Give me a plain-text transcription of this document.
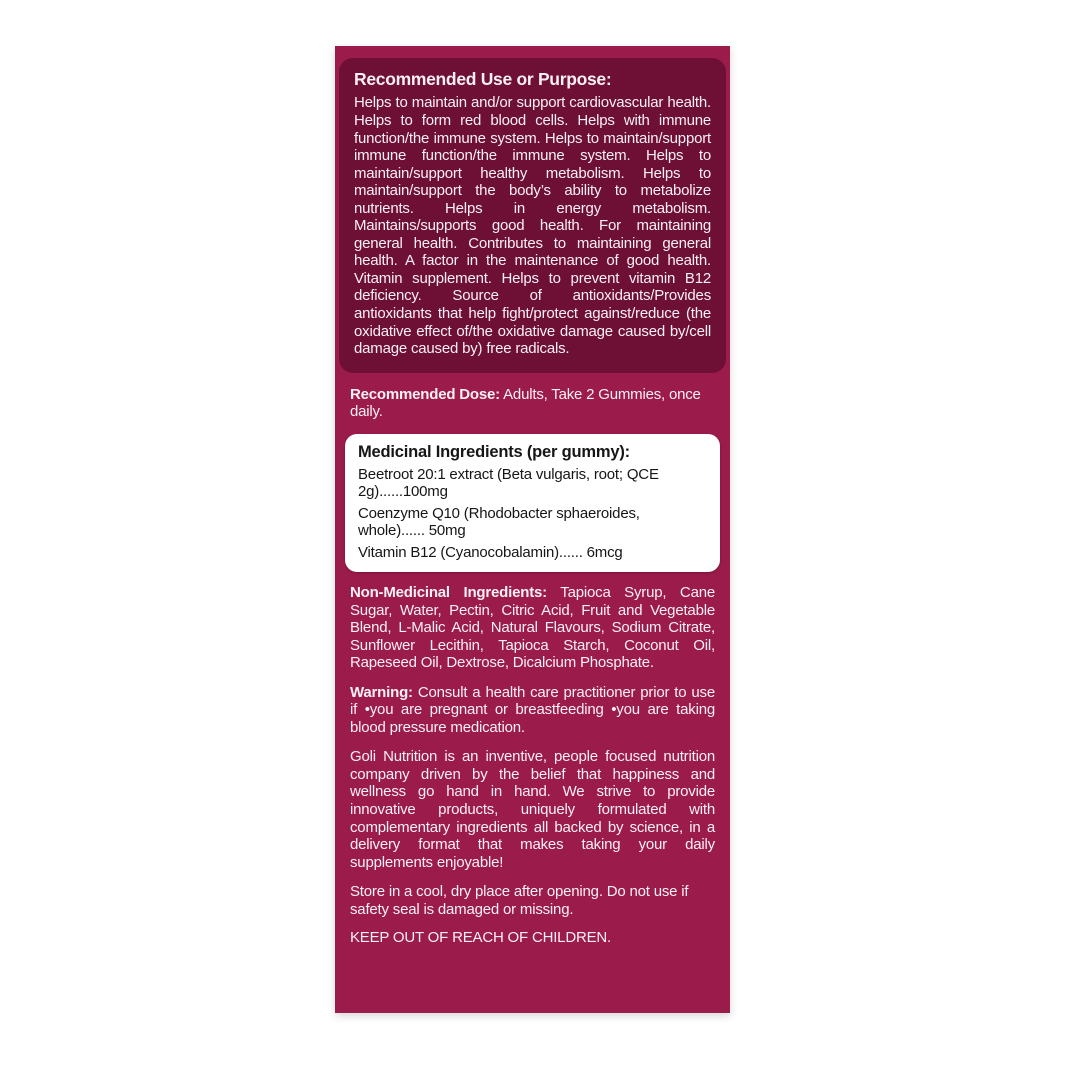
Recommended Use or Purpose:

Helps to maintain and/or support cardiovascular health. Helps to form red blood cells. Helps with immune function/the immune system. Helps to maintain/support immune function/the immune system. Helps to maintain/support healthy metabolism. Helps to maintain/support the body’s ability to metabolize nutrients. Helps in energy metabolism. Maintains/supports good health. For maintaining general health. Contributes to maintaining general health. A factor in the maintenance of good health. Vitamin supplement. Helps to prevent vitamin B12 deficiency. Source of antioxidants/Provides antioxidants that help fight/protect against/reduce (the oxidative effect of/the oxidative damage caused by/cell damage caused by) free radicals.

Recommended Dose: Adults, Take 2 Gummies, once daily.

Medicinal Ingredients (per gummy):

Beetroot 20:1 extract (Beta vulgaris, root; QCE 2g)......100mg

Coenzyme Q10 (Rhodobacter sphaeroides, whole)...... 50mg

Vitamin B12 (Cyanocobalamin)...... 6mcg

Non-Medicinal Ingredients: Tapioca Syrup, Cane Sugar, Water, Pectin, Citric Acid, Fruit and Vegetable Blend, L-Malic Acid, Natural Flavours, Sodium Citrate, Sunflower Lecithin, Tapioca Starch, Coconut Oil, Rapeseed Oil, Dextrose, Dicalcium Phosphate.

Warning: Consult a health care practitioner prior to use if •you are pregnant or breastfeeding •you are taking blood pressure medication.

Goli Nutrition is an inventive, people focused nutrition company driven by the belief that happiness and wellness go hand in hand. We strive to provide innovative products, uniquely formulated with complementary ingredients all backed by science, in a delivery format that makes taking your daily supplements enjoyable!

Store in a cool, dry place after opening. Do not use if safety seal is damaged or missing.

KEEP OUT OF REACH OF CHILDREN.
